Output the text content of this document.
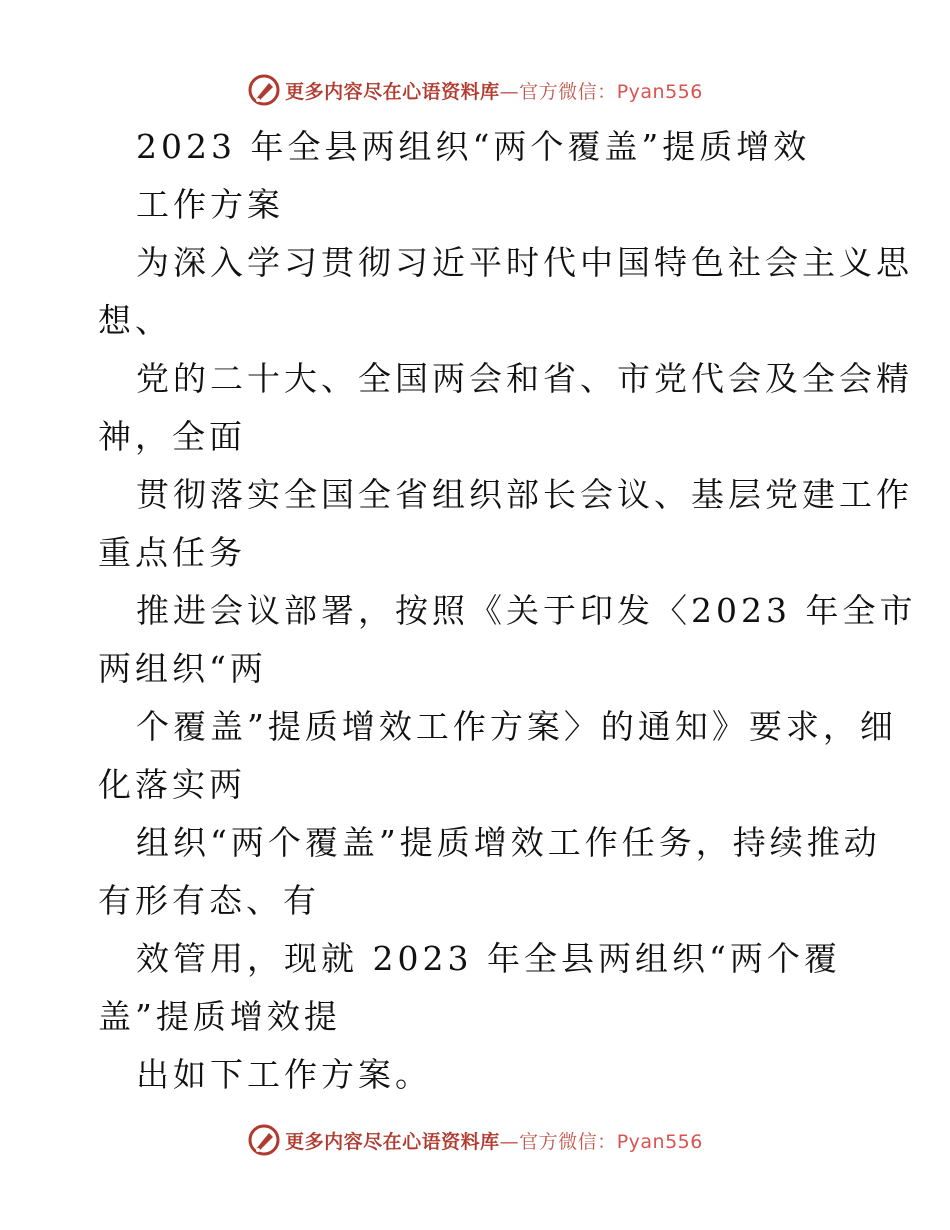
更多内容尽在心语资料库—官方微信：Pyan556
2023 年全县两组织“两个覆盖”提质增效
工作方案
为深入学习贯彻习近平时代中国特色社会主义思
想、
党的二十大、全国两会和省、市党代会及全会精
神，全面
贯彻落实全国全省组织部长会议、基层党建工作
重点任务
推进会议部署，按照《关于印发〈2023 年全市
两组织“两
个覆盖”提质增效工作方案〉的通知》要求，细
化落实两
组织“两个覆盖”提质增效工作任务，持续推动
有形有态、有
效管用，现就 2023 年全县两组织“两个覆
盖”提质增效提
出如下工作方案。
更多内容尽在心语资料库—官方微信：Pyan556
